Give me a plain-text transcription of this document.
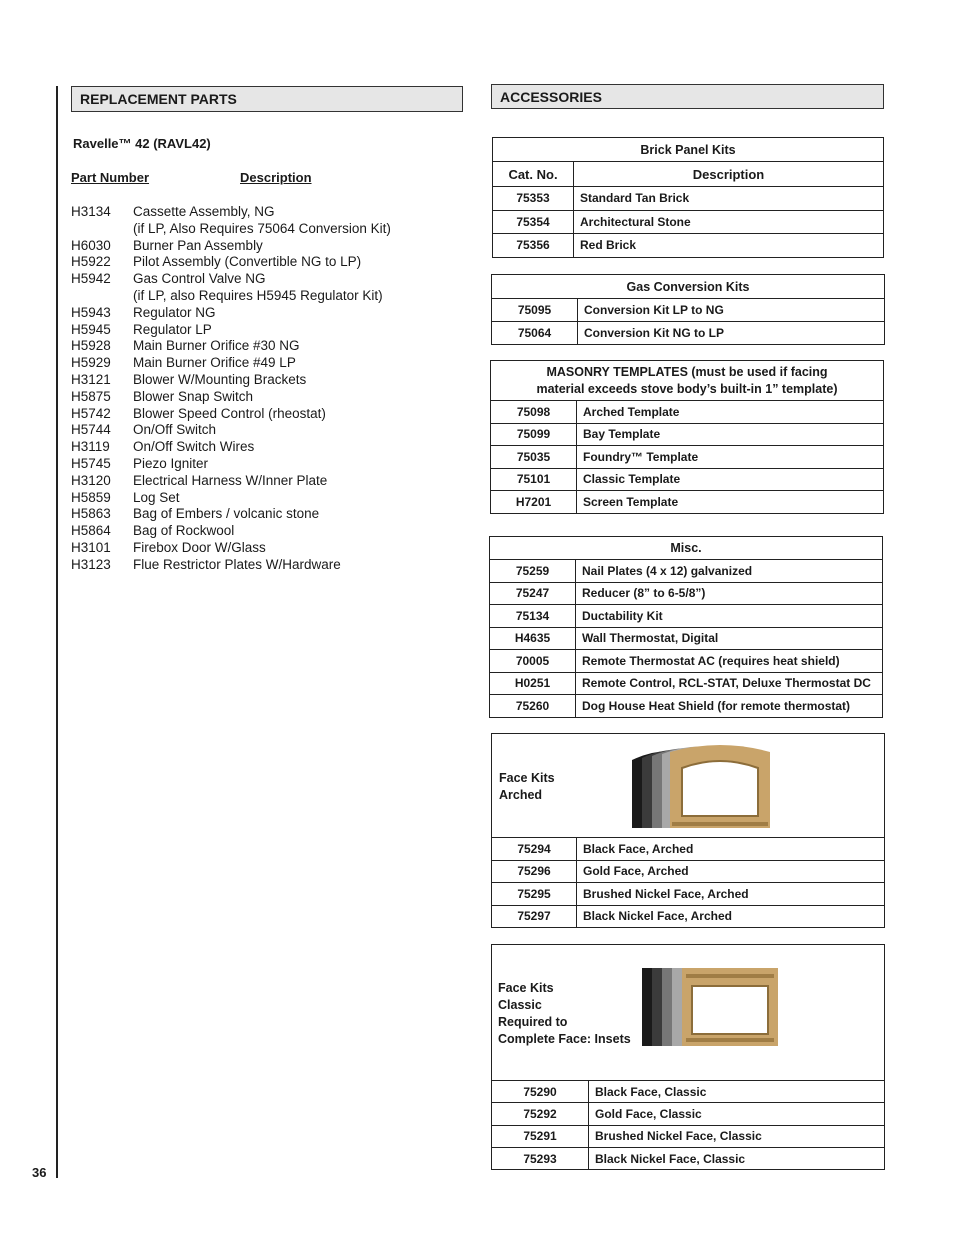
36
REPLACEMENT PARTS
Ravelle™ 42 (RAVL42)
Part Number	Description
H3134	Cassette Assembly, NG
(if LP, Also Requires 75064 Conversion Kit)
H6030	Burner Pan Assembly
H5922	Pilot Assembly (Convertible NG to LP)
H5942	Gas Control Valve NG
(if LP, also Requires H5945 Regulator Kit)
H5943	Regulator NG
H5945	Regulator LP
H5928	Main Burner Orifice #30 NG
H5929	Main Burner Orifice #49 LP
H3121	Blower W/Mounting Brackets
H5875	Blower Snap Switch
H5742	Blower Speed Control (rheostat)
H5744	On/Off Switch
H3119	On/Off Switch Wires
H5745	Piezo Igniter
H3120	Electrical Harness W/Inner Plate
H5859	Log Set
H5863	Bag of Embers / volcanic stone
H5864	Bag of Rockwool
H3101	Firebox Door W/Glass
H3123	Flue Restrictor Plates W/Hardware
ACCESSORIES
Brick Panel Kits	
Cat. No.	Description
75353	Standard Tan Brick
75354	Architectural Stone
75356	Red Brick
Gas Conversion Kits	
75095	Conversion Kit LP to NG
75064	Conversion Kit NG to LP
MASONRY TEMPLATES (must be used if facing
material exceeds stove body’s built-in 1” template)	
75098	Arched Template
75099	Bay Template
75035	Foundry™ Template
75101	Classic Template
H7201	Screen Template
Misc.	
75259	Nail Plates (4 x 12) galvanized
75247	Reducer (8” to 6-5/8”)
75134	Ductability Kit
H4635	Wall Thermostat, Digital
70005	Remote Thermostat AC (requires heat shield)
H0251	Remote Control, RCL-STAT, Deluxe Thermostat DC
75260	Dog House Heat Shield (for remote thermostat)
Face Kits
Arched
75294	Black Face, Arched
75296	Gold Face, Arched
75295	Brushed Nickel Face, Arched
75297	Black Nickel Face, Arched
Face Kits
Classic
Required to
Complete Face: Insets
75290	Black Face, Classic
75292	Gold Face, Classic
75291	Brushed Nickel Face, Classic
75293	Black Nickel Face, Classic
